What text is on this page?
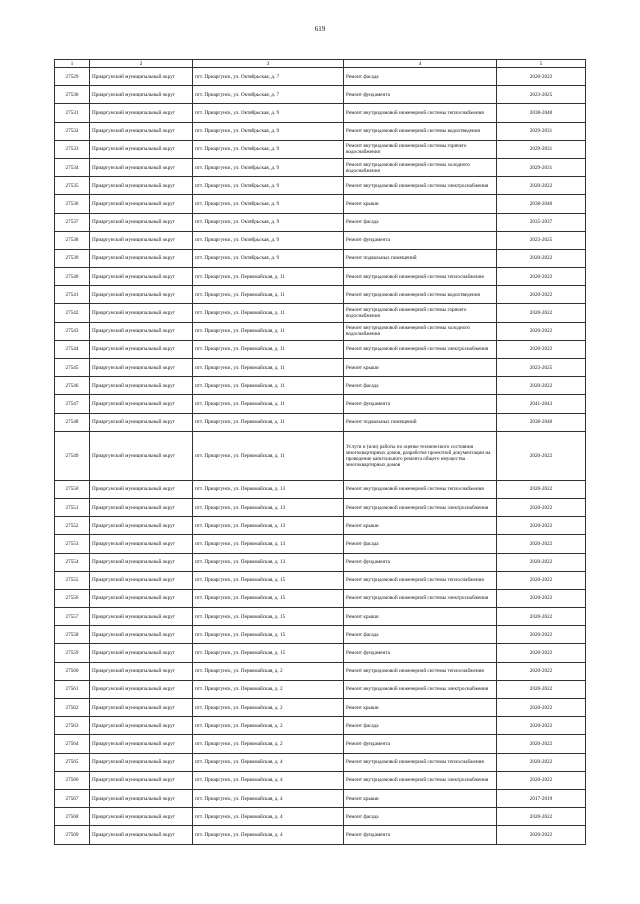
619
1	2	3	4	5
27529	Приаргунский муниципальный округ	пгт. Приаргунск, ул. Октябрьская, д. 7	Ремонт фасада	2020-2022
27530	Приаргунский муниципальный округ	пгт. Приаргунск, ул. Октябрьская, д. 7	Ремонт фундамента	2023-2025
27531	Приаргунский муниципальный округ	пгт. Приаргунск, ул. Октябрьская, д. 9	Ремонт внутридомовой инженерной системы теплоснабжения	2038-2040
27532	Приаргунский муниципальный округ	пгт. Приаргунск, ул. Октябрьская, д. 9	Ремонт внутридомовой инженерной системы водоотведения	2029-2031
27533	Приаргунский муниципальный округ	пгт. Приаргунск, ул. Октябрьская, д. 9	Ремонт внутридомовой инженерной системы горячего водоснабжения	2029-2031
27534	Приаргунский муниципальный округ	пгт. Приаргунск, ул. Октябрьская, д. 9	Ремонт внутридомовой инженерной системы холодного водоснабжения	2029-2031
27535	Приаргунский муниципальный округ	пгт. Приаргунск, ул. Октябрьская, д. 9	Ремонт внутридомовой инженерной системы электроснабжения	2020-2022
27536	Приаргунский муниципальный округ	пгт. Приаргунск, ул. Октябрьская, д. 9	Ремонт крыши	2038-2040
27537	Приаргунский муниципальный округ	пгт. Приаргунск, ул. Октябрьская, д. 9	Ремонт фасада	2035-2037
27538	Приаргунский муниципальный округ	пгт. Приаргунск, ул. Октябрьская, д. 9	Ремонт фундамента	2023-2025
27539	Приаргунский муниципальный округ	пгт. Приаргунск, ул. Октябрьская, д. 9	Ремонт подвальных помещений	2020-2022
27540	Приаргунский муниципальный округ	пгт. Приаргунск, ул. Первомайская, д. 11	Ремонт внутридомовой инженерной системы теплоснабжения	2020-2022
27541	Приаргунский муниципальный округ	пгт. Приаргунск, ул. Первомайская, д. 11	Ремонт внутридомовой инженерной системы водоотведения	2020-2022
27542	Приаргунский муниципальный округ	пгт. Приаргунск, ул. Первомайская, д. 11	Ремонт внутридомовой инженерной системы горячего водоснабжения	2020-2022
27543	Приаргунский муниципальный округ	пгт. Приаргунск, ул. Первомайская, д. 11	Ремонт внутридомовой инженерной системы холодного водоснабжения	2020-2022
27544	Приаргунский муниципальный округ	пгт. Приаргунск, ул. Первомайская, д. 11	Ремонт внутридомовой инженерной системы электроснабжения	2020-2022
27545	Приаргунский муниципальный округ	пгт. Приаргунск, ул. Первомайская, д. 11	Ремонт крыши	2023-2025
27546	Приаргунский муниципальный округ	пгт. Приаргунск, ул. Первомайская, д. 11	Ремонт фасада	2020-2022
27547	Приаргунский муниципальный округ	пгт. Приаргунск, ул. Первомайская, д. 11	Ремонт фундамента	2041-2043
27548	Приаргунский муниципальный округ	пгт. Приаргунск, ул. Первомайская, д. 11	Ремонт подвальных помещений	2038-2040
27549	Приаргунский муниципальный округ	пгт. Приаргунск, ул. Первомайская, д. 11	Услуги и (или) работы по оценке технического состояния многоквартирных домов, разработке проектной документации на проведение капитального ремонта общего имущества многоквартирных домов	2020-2022
27550	Приаргунский муниципальный округ	пгт. Приаргунск, ул. Первомайская, д. 13	Ремонт внутридомовой инженерной системы теплоснабжения	2020-2022
27551	Приаргунский муниципальный округ	пгт. Приаргунск, ул. Первомайская, д. 13	Ремонт внутридомовой инженерной системы электроснабжения	2020-2022
27552	Приаргунский муниципальный округ	пгт. Приаргунск, ул. Первомайская, д. 13	Ремонт крыши	2020-2022
27553	Приаргунский муниципальный округ	пгт. Приаргунск, ул. Первомайская, д. 13	Ремонт фасада	2020-2022
27554	Приаргунский муниципальный округ	пгт. Приаргунск, ул. Первомайская, д. 13	Ремонт фундамента	2020-2022
27555	Приаргунский муниципальный округ	пгт. Приаргунск, ул. Первомайская, д. 15	Ремонт внутридомовой инженерной системы теплоснабжения	2020-2022
27556	Приаргунский муниципальный округ	пгт. Приаргунск, ул. Первомайская, д. 15	Ремонт внутридомовой инженерной системы электроснабжения	2020-2022
27557	Приаргунский муниципальный округ	пгт. Приаргунск, ул. Первомайская, д. 15	Ремонт крыши	2020-2022
27558	Приаргунский муниципальный округ	пгт. Приаргунск, ул. Первомайская, д. 15	Ремонт фасада	2020-2022
27559	Приаргунский муниципальный округ	пгт. Приаргунск, ул. Первомайская, д. 15	Ремонт фундамента	2020-2022
27560	Приаргунский муниципальный округ	пгт. Приаргунск, ул. Первомайская, д. 2	Ремонт внутридомовой инженерной системы теплоснабжения	2020-2022
27561	Приаргунский муниципальный округ	пгт. Приаргунск, ул. Первомайская, д. 2	Ремонт внутридомовой инженерной системы электроснабжения	2020-2022
27562	Приаргунский муниципальный округ	пгт. Приаргунск, ул. Первомайская, д. 2	Ремонт крыши	2020-2022
27563	Приаргунский муниципальный округ	пгт. Приаргунск, ул. Первомайская, д. 2	Ремонт фасада	2020-2022
27564	Приаргунский муниципальный округ	пгт. Приаргунск, ул. Первомайская, д. 2	Ремонт фундамента	2020-2022
27565	Приаргунский муниципальный округ	пгт. Приаргунск, ул. Первомайская, д. 4	Ремонт внутридомовой инженерной системы теплоснабжения	2020-2022
27566	Приаргунский муниципальный округ	пгт. Приаргунск, ул. Первомайская, д. 4	Ремонт внутридомовой инженерной системы электроснабжения	2020-2022
27567	Приаргунский муниципальный округ	пгт. Приаргунск, ул. Первомайская, д. 4	Ремонт крыши	2017-2019
27568	Приаргунский муниципальный округ	пгт. Приаргунск, ул. Первомайская, д. 4	Ремонт фасада	2020-2022
27569	Приаргунский муниципальный округ	пгт. Приаргунск, ул. Первомайская, д. 4	Ремонт фундамента	2020-2022
